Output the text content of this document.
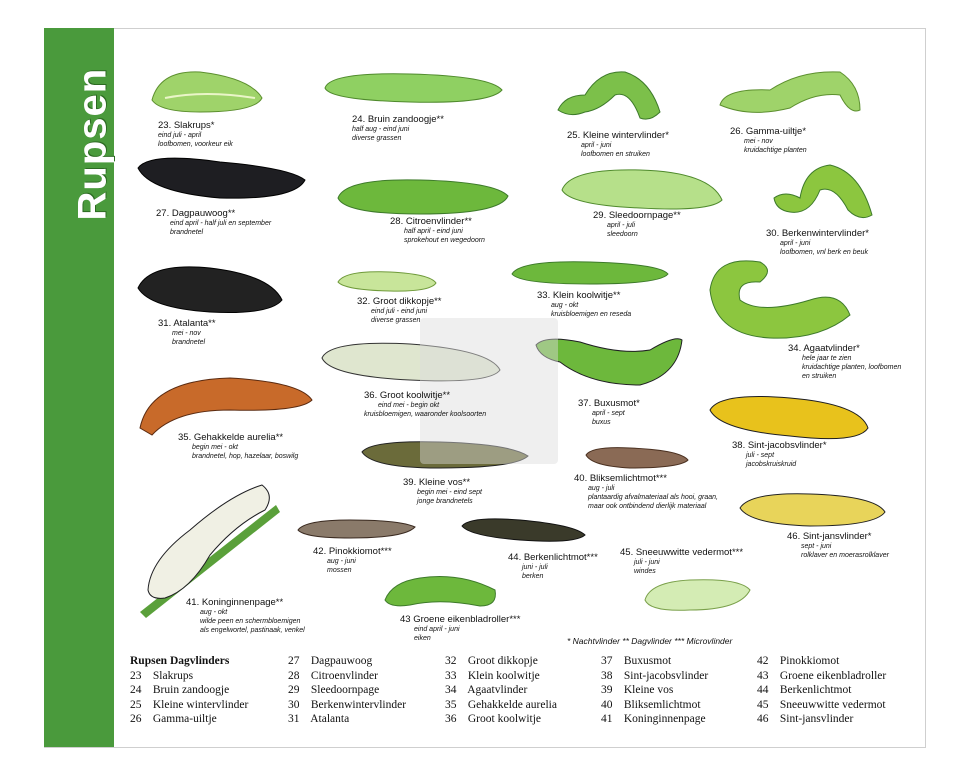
Rupsen	23. Slakrups*
eind juli - april
loofbomen, voorkeur eik
24. Bruin zandoogje**
half aug - eind juni
diverse grassen	25. Kleine wintervlinder*
april - juni
loofbomen en struiken
26. Gamma-uiltje*
mei - nov
kruidachtige planten
27. Dagpauwoog**
eind april - half juli en september
brandnetel
28. Citroenvlinder**
half april - eind juni
sprokehout en wegedoorn
29. Sleedoornpage**
april - juli
sleedoorn	30. Berkenwintervlinder*
april - juni
loofbomen, vnl berk en beuk
31. Atalanta**
mei - nov
brandnetel
32. Groot dikkopje**
eind juli - eind juni
diverse grassen
33. Klein koolwitje**
aug - okt
kruisbloemigen en reseda
34. Agaatvlinder*
hele jaar te zien
kruidachtige planten, loofbomen
en struiken
35. Gehakkelde aurelia**
begin mei - okt
brandnetel, hop, hazelaar, boswilg
36. Groot koolwitje**
eind mei - begin okt
kruisbloemigen, waaronder koolsoorten
37. Buxusmot*
april - sept
buxus
38. Sint-jacobsvlinder*
juli - sept
jacobskruiskruid
39. Kleine vos**
begin mei - eind sept
jonge brandnetels
40. Bliksemlichtmot***
aug - juli
plantaardig afvalmateriaal als hooi, graan,
maar ook ontbindend dierlijk materiaal
41. Koninginnenpage**
aug - okt
wilde peen en schermbloemigen
als engelwortel, pastinaak, venkel
42. Pinokkiomot***
aug - juni
mossen
43 Groene eikenbladroller***
eind april - juni
eiken
44. Berkenlichtmot***
juni - juli
berken
45. Sneeuwwitte vedermot***
juli - juni
windes
46. Sint-jansvlinder*
sept - juni
rolklaver en moerasrolklaver
* Nachtvlinder ** Dagvlinder *** Microvlinder
Rupsen Dagvlinders
23 Slakrups
24 Bruin zandoogje
25 Kleine wintervlinder
26 Gamma-uiltje
27 Dagpauwoog
28 Citroenvlinder
29 Sleedoornpage
30 Berkenwintervlinder
31 Atalanta
32 Groot dikkopje
33 Klein koolwitje
34 Agaatvlinder
35 Gehakkelde aurelia
36 Groot koolwitje
37 Buxusmot
38 Sint-jacobsvlinder
39 Kleine vos
40 Bliksemlichtmot
41 Koninginnenpage
42 Pinokkiomot
43 Groene eikenbladroller
44 Berkenlichtmot
45 Sneeuwwitte vedermot
46 Sint-jansvlinder
